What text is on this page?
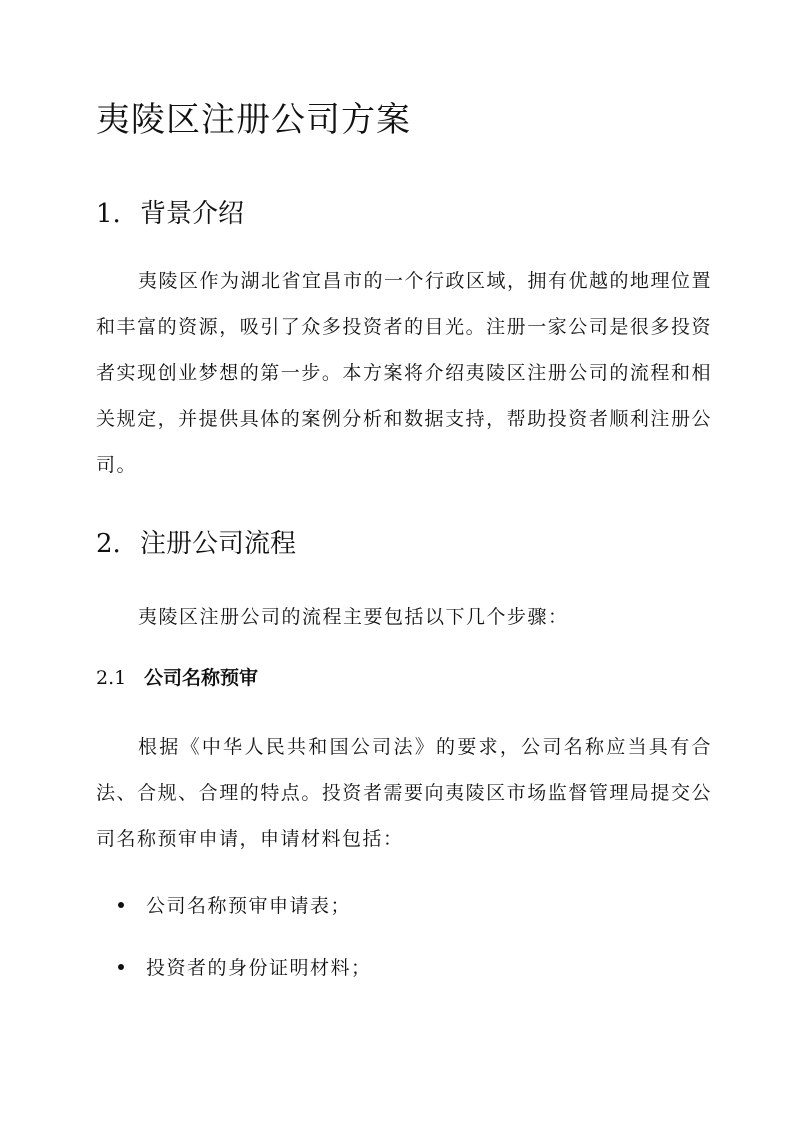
夷陵区注册公司方案
1. 背景介绍

夷陵区作为湖北省宜昌市的一个行政区域，拥有优越的地理位置和丰富的资源，吸引了众多投资者的目光。注册一家公司是很多投资者实现创业梦想的第一步。本方案将介绍夷陵区注册公司的流程和相关规定，并提供具体的案例分析和数据支持，帮助投资者顺利注册公司。

2. 注册公司流程

夷陵区注册公司的流程主要包括以下几个步骤：

2.1 公司名称预审

根据《中华人民共和国公司法》的要求，公司名称应当具有合法、合规、合理的特点。投资者需要向夷陵区市场监督管理局提交公司名称预审申请，申请材料包括：

公司名称预审申请表；
投资者的身份证明材料；
